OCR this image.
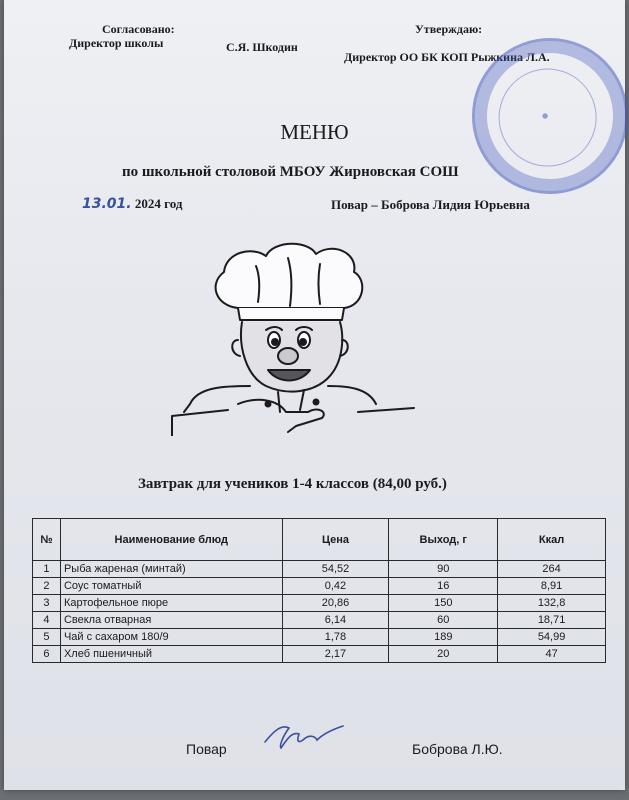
Согласовано:
Директор школы	С.Я. Шкодин
Утверждаю:
Директор ОО БК КОП Рыжкина Л.А.
●
МЕНЮ
по школьной столовой МБОУ Жирновская СОШ
13.01. 2024 год	Повар – Боброва Лидия Юрьевна
Завтрак для учеников 1-4 классов (84,00 руб.)
№	Наименование блюд	Цена	Выход, г	Ккал
1	Рыба жареная (минтай)	54,52	90	264
2	Соус томатный	0,42	16	8,91
3	Картофельное пюре	20,86	150	132,8
4	Свекла отварная	6,14	60	18,71
5	Чай с сахаром 180/9	1,78	189	54,99
6	Хлеб пшеничный	2,17	20	47
Повар	Боброва Л.Ю.
